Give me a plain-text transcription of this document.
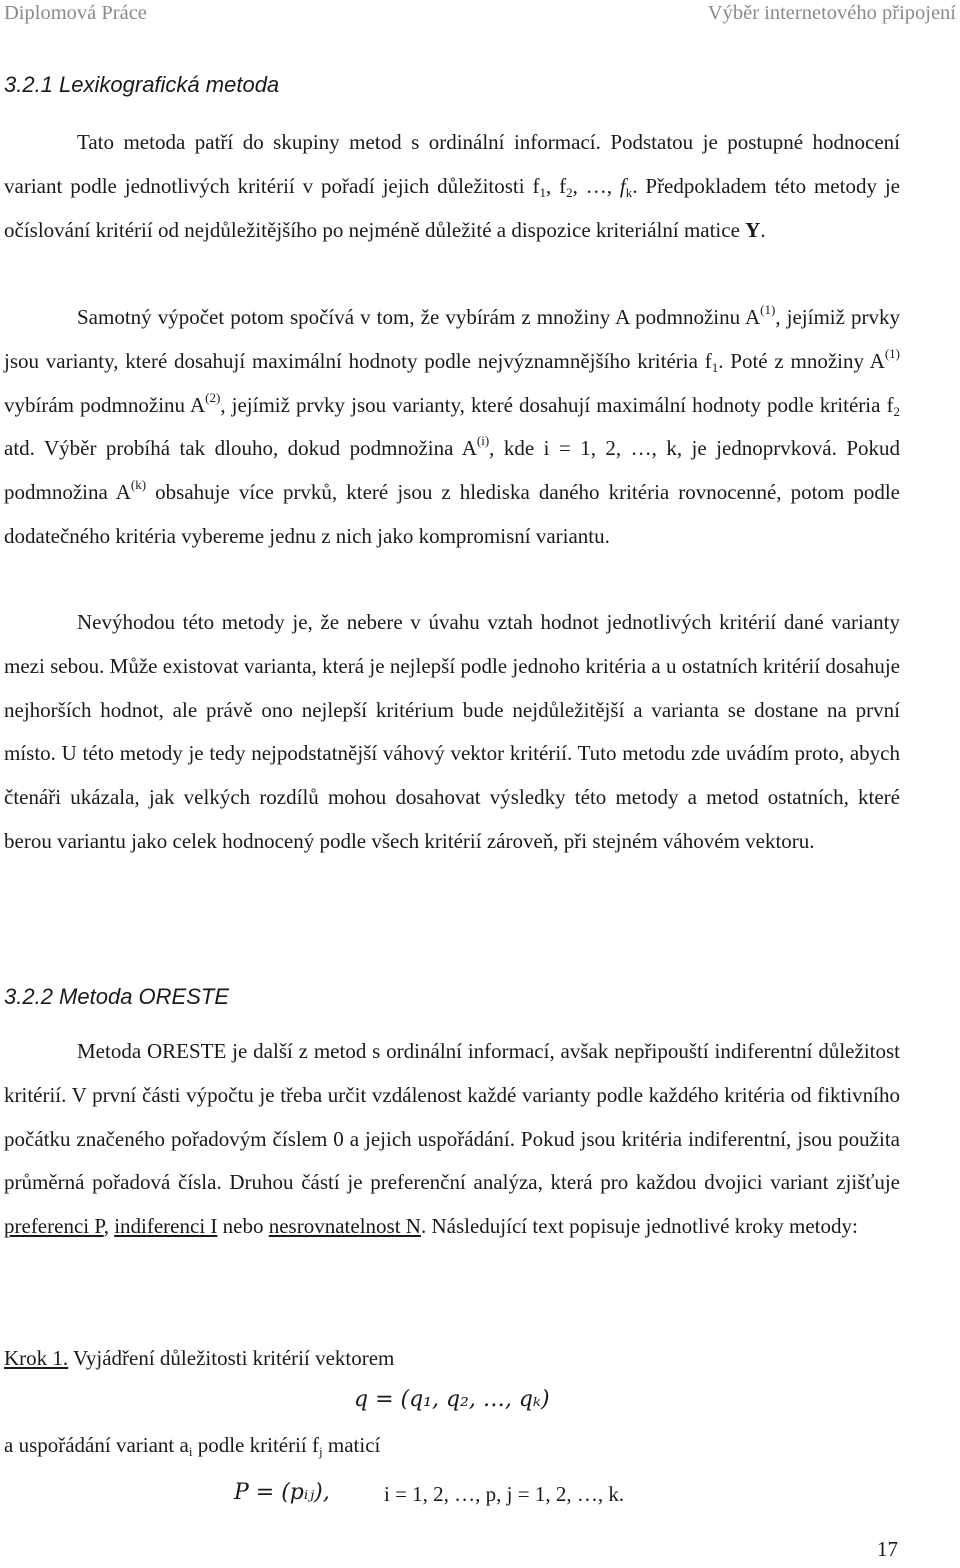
Diplomová Práce	Výběr internetového připojení
3.2.1 Lexikografická metoda

Tato metoda patří do skupiny metod s ordinální informací. Podstatou je postupné hodnocení variant podle jednotlivých kritérií v pořadí jejich důležitosti $f_1$, $f_2$, …, $f_k$. Předpokladem této metody je očíslování kritérií od nejdůležitějšího po nejméně důležité a dispozice kriteriální matice Y.

Samotný výpočet potom spočívá v tom, že vybírám z množiny A podmnožinu $A^{(1)}$, jejímiž prvky jsou varianty, které dosahují maximální hodnoty podle nejvýznamnějšího kritéria $f_1$. Poté z množiny $A^{(1)}$ vybírám podmnožinu $A^{(2)}$, jejímiž prvky jsou varianty, které dosahují maximální hodnoty podle kritéria $f_2$ atd. Výběr probíhá tak dlouho, dokud podmnožina $A^{(i)}$, kde i = 1, 2, …, k, je jednoprvková. Pokud podmnožina $A^{(k)}$ obsahuje více prvků, které jsou z hlediska daného kritéria rovnocenné, potom podle dodatečného kritéria vybereme jednu z nich jako kompromisní variantu.

Nevýhodou této metody je, že nebere v úvahu vztah hodnot jednotlivých kritérií dané varianty mezi sebou. Může existovat varianta, která je nejlepší podle jednoho kritéria a u ostatních kritérií dosahuje nejhorších hodnot, ale právě ono nejlepší kritérium bude nejdůležitější a varianta se dostane na první místo. U této metody je tedy nejpodstatnější váhový vektor kritérií. Tuto metodu zde uvádím proto, abych čtenáři ukázala, jak velkých rozdílů mohou dosahovat výsledky této metody a metod ostatních, které berou variantu jako celek hodnocený podle všech kritérií zároveň, při stejném váhovém vektoru.

3.2.2 Metoda ORESTE

Metoda ORESTE je další z metod s ordinální informací, avšak nepřipouští indiferentní důležitost kritérií. V první části výpočtu je třeba určit vzdálenost každé varianty podle každého kritéria od fiktivního počátku značeného pořadovým číslem 0 a jejich uspořádání. Pokud jsou kritéria indiferentní, jsou použita průměrná pořadová čísla. Druhou částí je preferenční analýza, která pro každou dvojici variant zjišťuje preferenci P, indiferenci I nebo nesrovnatelnost N. Následující text popisuje jednotlivé kroky metody:

Krok 1. Vyjádření důležitosti kritérií vektorem
q = (q₁, q₂, …, qₖ)
a uspořádání variant $a_i$ podle kritérií $f_j$ maticí
P = (pᵢⱼ),	i = 1, 2, …, p, j = 1, 2, …, k.
17
